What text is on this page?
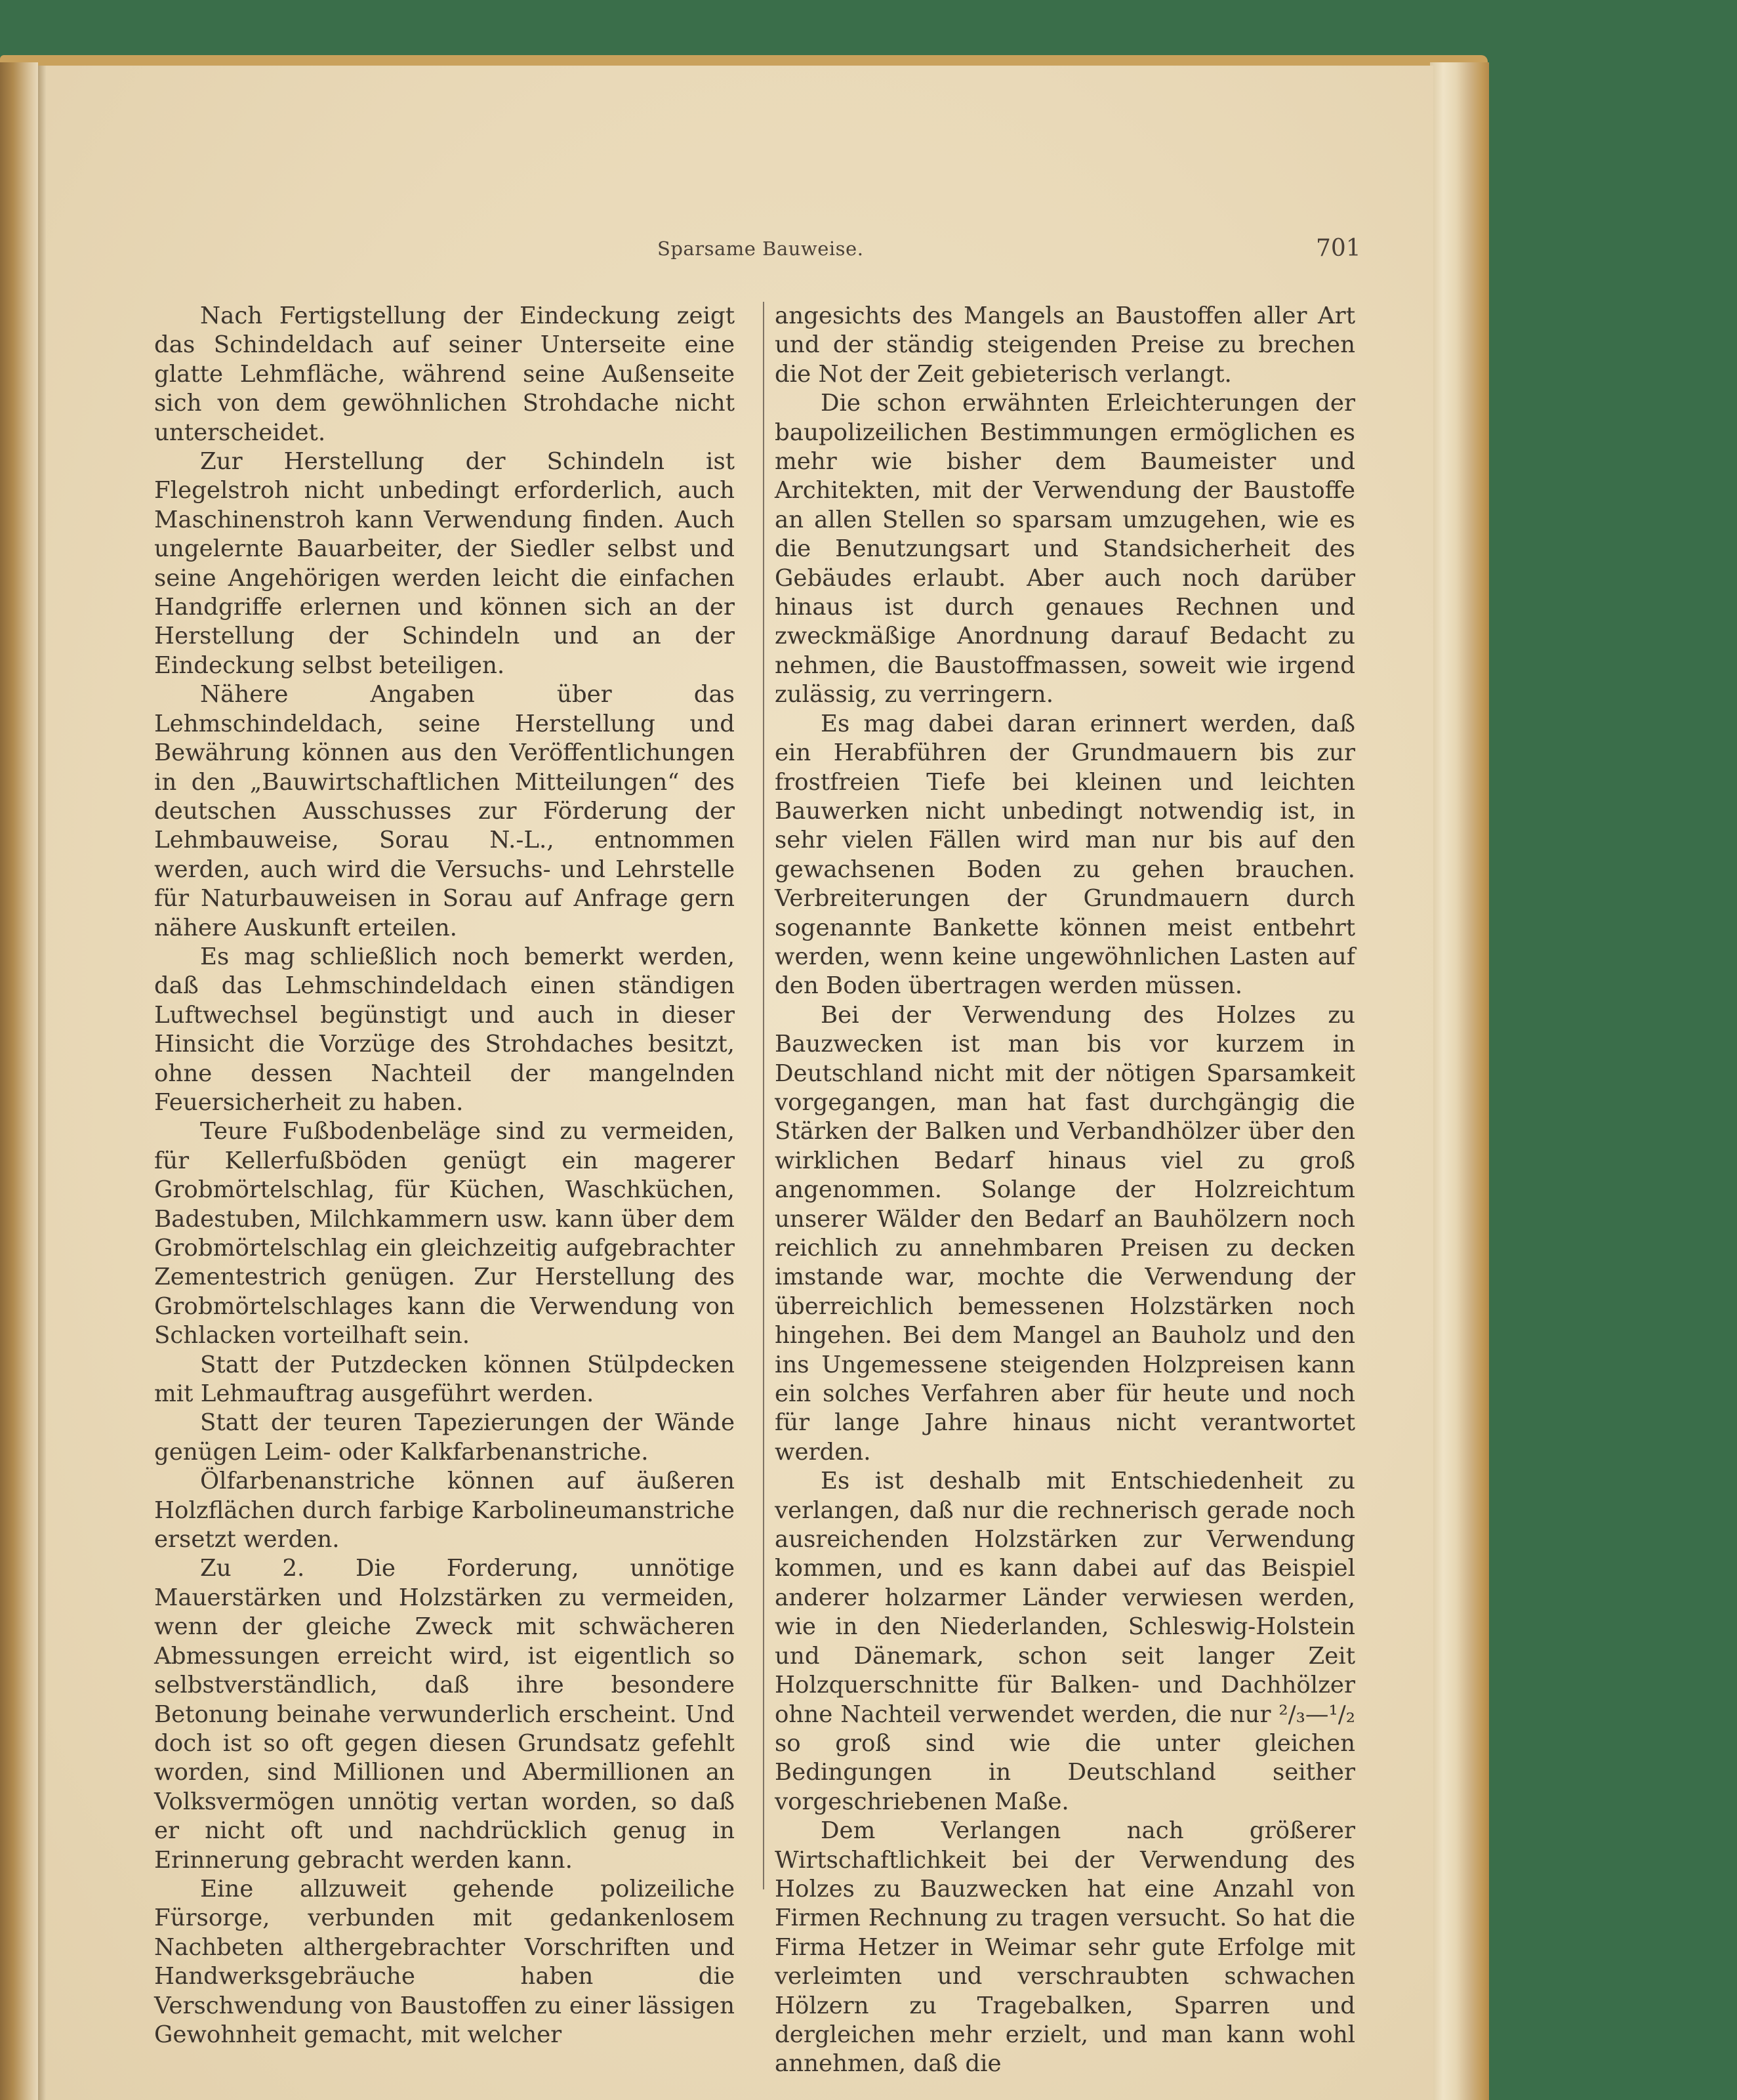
Sparsame Bauweise.	701

Nach Fertigstellung der Eindeckung zeigt das Schindeldach auf seiner Unterseite eine glatte Lehmfläche, während seine Außenseite sich von dem gewöhnlichen Strohdache nicht unterscheidet.

Zur Herstellung der Schindeln ist Flegelstroh nicht unbedingt erforderlich, auch Maschinenstroh kann Verwendung finden. Auch ungelernte Bauarbeiter, der Siedler selbst und seine Angehörigen werden leicht die einfachen Handgriffe erlernen und können sich an der Herstellung der Schindeln und an der Eindeckung selbst beteiligen.

Nähere Angaben über das Lehmschindeldach, seine Herstellung und Bewährung können aus den Veröffentlichungen in den „Bauwirtschaftlichen Mitteilungen“ des deutschen Ausschusses zur Förderung der Lehmbauweise, Sorau N.-L., entnommen werden, auch wird die Versuchs- und Lehrstelle für Naturbauweisen in Sorau auf Anfrage gern nähere Auskunft erteilen.

Es mag schließlich noch bemerkt werden, daß das Lehmschindeldach einen ständigen Luftwechsel begünstigt und auch in dieser Hinsicht die Vorzüge des Strohdaches besitzt, ohne dessen Nachteil der mangelnden Feuersicherheit zu haben.

Teure Fußbodenbeläge sind zu vermeiden, für Kellerfußböden genügt ein magerer Grobmörtelschlag, für Küchen, Waschküchen, Badestuben, Milchkammern usw. kann über dem Grobmörtelschlag ein gleichzeitig aufgebrachter Zementestrich genügen. Zur Herstellung des Grobmörtelschlages kann die Verwendung von Schlacken vorteilhaft sein.

Statt der Putzdecken können Stülpdecken mit Lehmauftrag ausgeführt werden.

Statt der teuren Tapezierungen der Wände genügen Leim- oder Kalkfarbenanstriche.

Ölfarbenanstriche können auf äußeren Holzflächen durch farbige Karbolineumanstriche ersetzt werden.

Zu 2. Die Forderung, unnötige Mauerstärken und Holzstärken zu vermeiden, wenn der gleiche Zweck mit schwächeren Abmessungen erreicht wird, ist eigentlich so selbstverständlich, daß ihre besondere Betonung beinahe verwunderlich erscheint. Und doch ist so oft gegen diesen Grundsatz gefehlt worden, sind Millionen und Abermillionen an Volksvermögen unnötig vertan worden, so daß er nicht oft und nachdrücklich genug in Erinnerung gebracht werden kann.

Eine allzuweit gehende polizeiliche Fürsorge, verbunden mit gedankenlosem Nachbeten althergebrachter Vorschriften und Handwerksgebräuche haben die Verschwendung von Baustoffen zu einer lässigen Gewohnheit gemacht, mit welcher

angesichts des Mangels an Baustoffen aller Art und der ständig steigenden Preise zu brechen die Not der Zeit gebieterisch verlangt.

Die schon erwähnten Erleichterungen der baupolizeilichen Bestimmungen ermöglichen es mehr wie bisher dem Baumeister und Architekten, mit der Verwendung der Baustoffe an allen Stellen so sparsam umzugehen, wie es die Benutzungsart und Standsicherheit des Gebäudes erlaubt. Aber auch noch darüber hinaus ist durch genaues Rechnen und zweckmäßige Anordnung darauf Bedacht zu nehmen, die Baustoffmassen, soweit wie irgend zulässig, zu verringern.

Es mag dabei daran erinnert werden, daß ein Herabführen der Grundmauern bis zur frostfreien Tiefe bei kleinen und leichten Bauwerken nicht unbedingt notwendig ist, in sehr vielen Fällen wird man nur bis auf den gewachsenen Boden zu gehen brauchen. Verbreiterungen der Grundmauern durch sogenannte Bankette können meist entbehrt werden, wenn keine ungewöhnlichen Lasten auf den Boden übertragen werden müssen.

Bei der Verwendung des Holzes zu Bauzwecken ist man bis vor kurzem in Deutschland nicht mit der nötigen Sparsamkeit vorgegangen, man hat fast durchgängig die Stärken der Balken und Verbandhölzer über den wirklichen Bedarf hinaus viel zu groß angenommen. Solange der Holzreichtum unserer Wälder den Bedarf an Bauhölzern noch reichlich zu annehmbaren Preisen zu decken imstande war, mochte die Verwendung der überreichlich bemessenen Holzstärken noch hingehen. Bei dem Mangel an Bauholz und den ins Ungemessene steigenden Holzpreisen kann ein solches Verfahren aber für heute und noch für lange Jahre hinaus nicht verantwortet werden.

Es ist deshalb mit Entschiedenheit zu verlangen, daß nur die rechnerisch gerade noch ausreichenden Holzstärken zur Verwendung kommen, und es kann dabei auf das Beispiel anderer holzarmer Länder verwiesen werden, wie in den Niederlanden, Schleswig-Holstein und Dänemark, schon seit langer Zeit Holzquerschnitte für Balken- und Dachhölzer ohne Nachteil verwendet werden, die nur ²/₃—¹/₂ so groß sind wie die unter gleichen Bedingungen in Deutschland seither vorgeschriebenen Maße.

Dem Verlangen nach größerer Wirtschaftlichkeit bei der Verwendung des Holzes zu Bauzwecken hat eine Anzahl von Firmen Rechnung zu tragen versucht. So hat die Firma Hetzer in Weimar sehr gute Erfolge mit verleimten und verschraubten schwachen Hölzern zu Tragebalken, Sparren und dergleichen mehr erzielt, und man kann wohl annehmen, daß die
